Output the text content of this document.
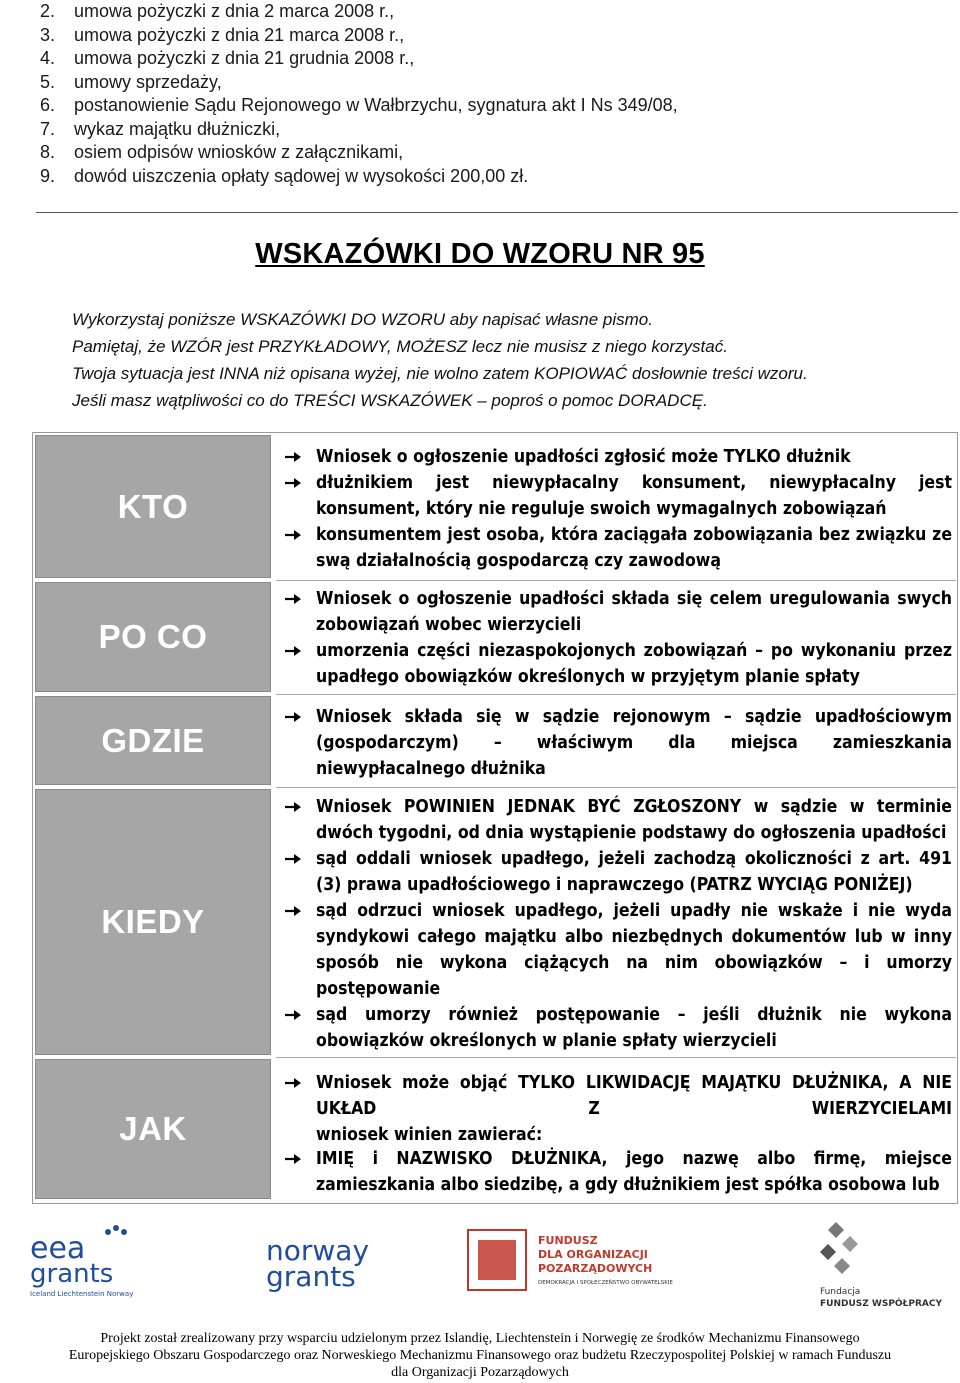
2.	umowa pożyczki z dnia 2 marca 2008 r.,
3.	umowa pożyczki z dnia 21 marca 2008 r.,
4.	umowa pożyczki z dnia 21 grudnia 2008 r.,
5.	umowy sprzedaży,
6.	postanowienie Sądu Rejonowego w Wałbrzychu, sygnatura akt I Ns 349/08,
7.	wykaz majątku dłużniczki,
8.	osiem odpisów wniosków z załącznikami,
9.	dowód uiszczenia opłaty sądowej w wysokości 200,00 zł.
WSKAZÓWKI DO WZORU NR 95
Wykorzystaj poniższe WSKAZÓWKI DO WZORU aby napisać własne pismo.
Pamiętaj, że WZÓR jest PRZYKŁADOWY, MOŻESZ lecz nie musisz z niego korzystać.
Twoja sytuacja jest INNA niż opisana wyżej, nie wolno zatem KOPIOWAĆ dosłownie treści wzoru.
Jeśli masz wątpliwości co do TREŚCI WSKAZÓWEK – poproś o pomoc DORADCĘ.
KTO
Wniosek o ogłoszenie upadłości zgłosić może TYLKO dłużnik
dłużnikiem jest niewypłacalny konsument, niewypłacalny jest
konsument, który nie reguluje swoich wymagalnych zobowiązań
konsumentem jest osoba, która zaciągała zobowiązania bez związku ze
swą działalnością gospodarczą czy zawodową
PO CO
Wniosek o ogłoszenie upadłości składa się celem uregulowania swych
zobowiązań wobec wierzycieli
umorzenia części niezaspokojonych zobowiązań – po wykonaniu przez
upadłego obowiązków określonych w przyjętym planie spłaty
GDZIE
Wniosek składa się w sądzie rejonowym – sądzie upadłościowym
(gospodarczym) – właściwym dla miejsca zamieszkania
niewypłacalnego dłużnika
KIEDY
Wniosek POWINIEN JEDNAK BYĆ ZGŁOSZONY w sądzie w terminie
dwóch tygodni, od dnia wystąpienie podstawy do ogłoszenia upadłości
sąd oddali wniosek upadłego, jeżeli zachodzą okoliczności z art. 491
(3) prawa upadłościowego i naprawczego (PATRZ WYCIĄG PONIŻEJ)
sąd odrzuci wniosek upadłego, jeżeli upadły nie wskaże i nie wyda
syndykowi całego majątku albo niezbędnych dokumentów lub w inny
sposób nie wykona ciążących na nim obowiązków – i umorzy
postępowanie
sąd umorzy również postępowanie – jeśli dłużnik nie wykona
obowiązków określonych w planie spłaty wierzycieli
JAK
Wniosek może objąć TYLKO LIKWIDACJĘ MAJĄTKU DŁUŻNIKA, A NIE
UKŁAD Z WIERZYCIELAMI
wniosek winien zawierać:
IMIĘ i NAZWISKO DŁUŻNIKA, jego nazwę albo firmę, miejsce
zamieszkania albo siedzibę, a gdy dłużnikiem jest spółka osobowa lub
eea
grants
Iceland Liechtenstein Norway
norway
grants
FUNDUSZ
DLA ORGANIZACJI
POZARZĄDOWYCH
DEMOKRACJA I SPOŁECZEŃSTWO OBYWATELSKIE
Fundacja
FUNDUSZ WSPÓŁPRACY
Projekt został zrealizowany przy wsparciu udzielonym przez Islandię, Liechtenstein i Norwegię ze środków Mechanizmu Finansowego
Europejskiego Obszaru Gospodarczego oraz Norweskiego Mechanizmu Finansowego oraz budżetu Rzeczypospolitej Polskiej w ramach Funduszu
dla Organizacji Pozarządowych
